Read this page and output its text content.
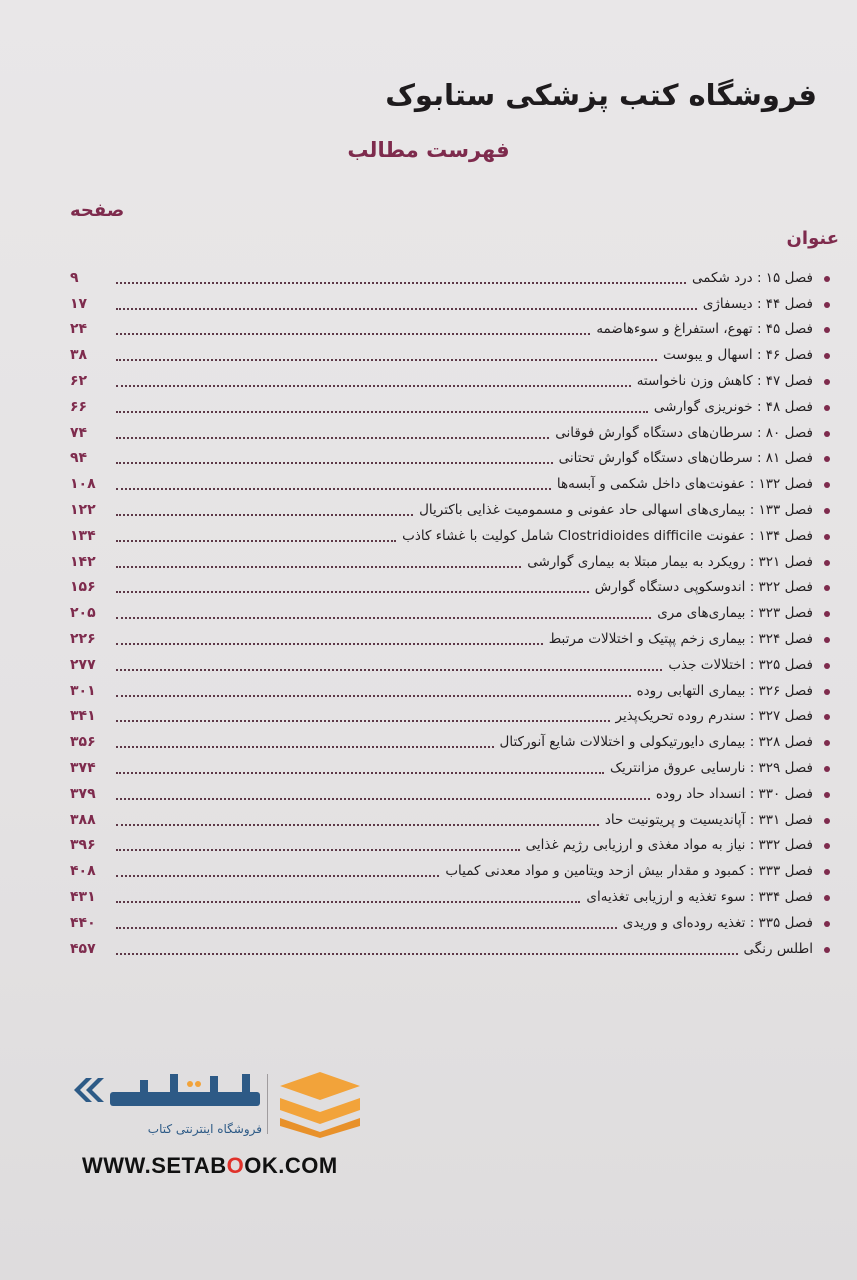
فروشگاه کتب پزشکی ستابوک
فهرست مطالب
صفحه
عنوان
فصل ۱۵ : درد شکمی
۹
فصل ۴۴ : دیسفاژی
۱۷
فصل ۴۵ : تهوع، استفراغ و سوءهاضمه
۲۴
فصل ۴۶ : اسهال و یبوست
۳۸
فصل ۴۷ : کاهش وزن ناخواسته
۶۲
فصل ۴۸ : خونریزی گوارشی
۶۶
فصل ۸۰ : سرطان‌های دستگاه گوارش فوقانی
۷۴
فصل ۸۱ : سرطان‌های دستگاه گوارش تحتانی
۹۴
فصل ۱۳۲ : عفونت‌های داخل شکمی و آبسه‌ها
۱۰۸
فصل ۱۳۳ : بیماری‌های اسهالی حاد عفونی و مسمومیت غذایی باکتریال
۱۲۲
فصل ۱۳۴ : عفونت Clostridioides difficile شامل کولیت با غشاء کاذب
۱۳۴
فصل ۳۲۱ : رویکرد به بیمار مبتلا به بیماری گوارشی
۱۴۲
فصل ۳۲۲ : اندوسکوپی دستگاه گوارش
۱۵۶
فصل ۳۲۳ : بیماری‌های مری
۲۰۵
فصل ۳۲۴ : بیماری زخم پپتیک و اختلالات مرتبط
۲۲۶
فصل ۳۲۵ : اختلالات جذب
۲۷۷
فصل ۳۲۶ : بیماری التهابی روده
۳۰۱
فصل ۳۲۷ : سندرم روده تحریک‌پذیر
۳۴۱
فصل ۳۲۸ : بیماری دایورتیکولی و اختلالات شایع آنورکتال
۳۵۶
فصل ۳۲۹ : نارسایی عروق مزانتریک
۳۷۴
فصل ۳۳۰ : انسداد حاد روده
۳۷۹
فصل ۳۳۱ : آپاندیسیت و پریتونیت حاد
۳۸۸
فصل ۳۳۲ : نیاز به مواد مغذی و ارزیابی رژیم غذایی
۳۹۶
فصل ۳۳۳ : کمبود و مقدار بیش ازحد ویتامین و مواد معدنی کمیاب
۴۰۸
فصل ۳۳۴ : سوء تغذیه و ارزیابی تغذیه‌ای
۴۳۱
فصل ۳۳۵ : تغذیه روده‌ای و وریدی
۴۴۰
اطلس رنگی
۴۵۷
فروشگاه اینترنتی کتاب
WWW.SETABOOK.COM
